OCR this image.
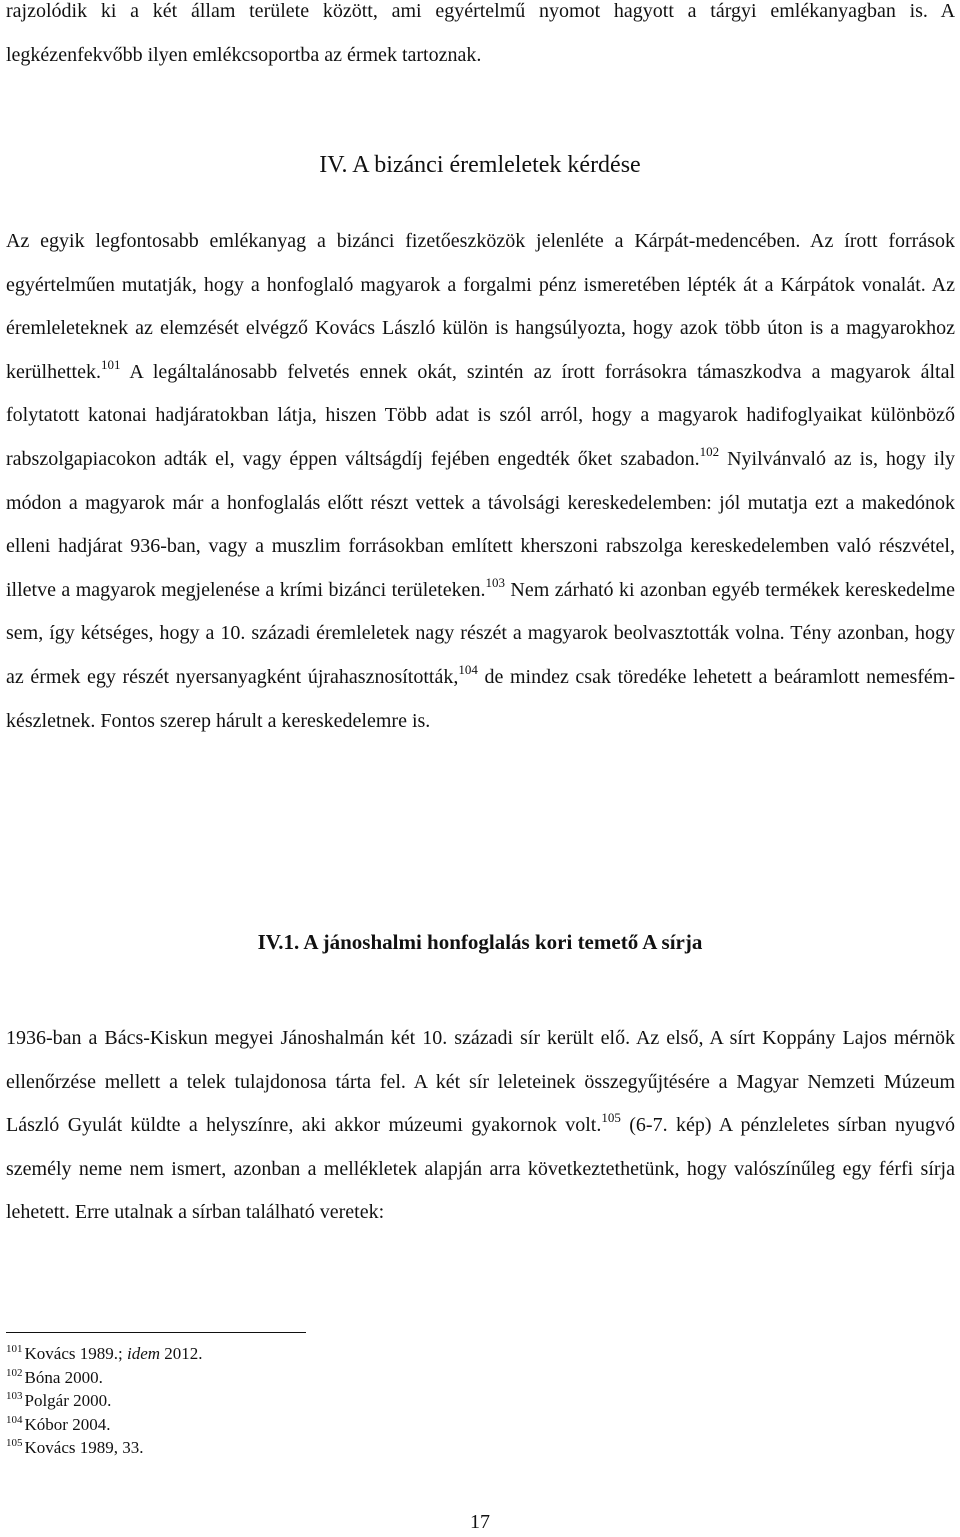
rajzolódik ki a két állam területe között, ami egyértelmű nyomot hagyott a tárgyi emlékanyagban is. A legkézenfekvőbb ilyen emlékcsoportba az érmek tartoznak.

IV. A bizánci éremleletek kérdése

Az egyik legfontosabb emlékanyag a bizánci fizetőeszközök jelenléte a Kárpát-medencében. Az írott források egyértelműen mutatják, hogy a honfoglaló magyarok a forgalmi pénz ismeretében lépték át a Kárpátok vonalát. Az éremleleteknek az elemzését elvégző Kovács László külön is hangsúlyozta, hogy azok több úton is a magyarokhoz kerülhettek.$^{101}$ A legáltalánosabb felvetés ennek okát, szintén az írott forrásokra támaszkodva a magyarok által folytatott katonai hadjáratokban látja, hiszen Több adat is szól arról, hogy a magyarok hadifoglyaikat különböző rabszolgapiacokon adták el, vagy éppen váltságdíj fejében engedték őket szabadon.$^{102}$ Nyilvánvaló az is, hogy ily módon a magyarok már a honfoglalás előtt részt vettek a távolsági kereskedelemben: jól mutatja ezt a makedónok elleni hadjárat 936-ban, vagy a muszlim forrásokban említett kherszoni rabszolga kereskedelemben való részvétel, illetve a magyarok megjelenése a krími bizánci területeken.$^{103}$ Nem zárható ki azonban egyéb termékek kereskedelme sem, így kétséges, hogy a 10. századi éremleletek nagy részét a magyarok beolvasztották volna. Tény azonban, hogy az érmek egy részét nyersanyagként újrahasznosították,$^{104}$ de mindez csak töredéke lehetett a beáramlott nemesfém-készletnek. Fontos szerep hárult a kereskedelemre is.

IV.1. A jánoshalmi honfoglalás kori temető A sírja

1936-ban a Bács-Kiskun megyei Jánoshalmán két 10. századi sír került elő. Az első, A sírt Koppány Lajos mérnök ellenőrzése mellett a telek tulajdonosa tárta fel. A két sír leleteinek összegyűjtésére a Magyar Nemzeti Múzeum László Gyulát küldte a helyszínre, aki akkor múzeumi gyakornok volt.$^{105}$ (6-7. kép) A pénzleletes sírban nyugvó személy neme nem ismert, azonban a mellékletek alapján arra következtethetünk, hogy valószínűleg egy férfi sírja lehetett. Erre utalnak a sírban található veretek:

$^{101}$ Kovács 1989.; idem 2012.
$^{102}$ Bóna 2000.
$^{103}$ Polgár 2000.
$^{104}$ Kóbor 2004.
$^{105}$ Kovács 1989, 33.
17
